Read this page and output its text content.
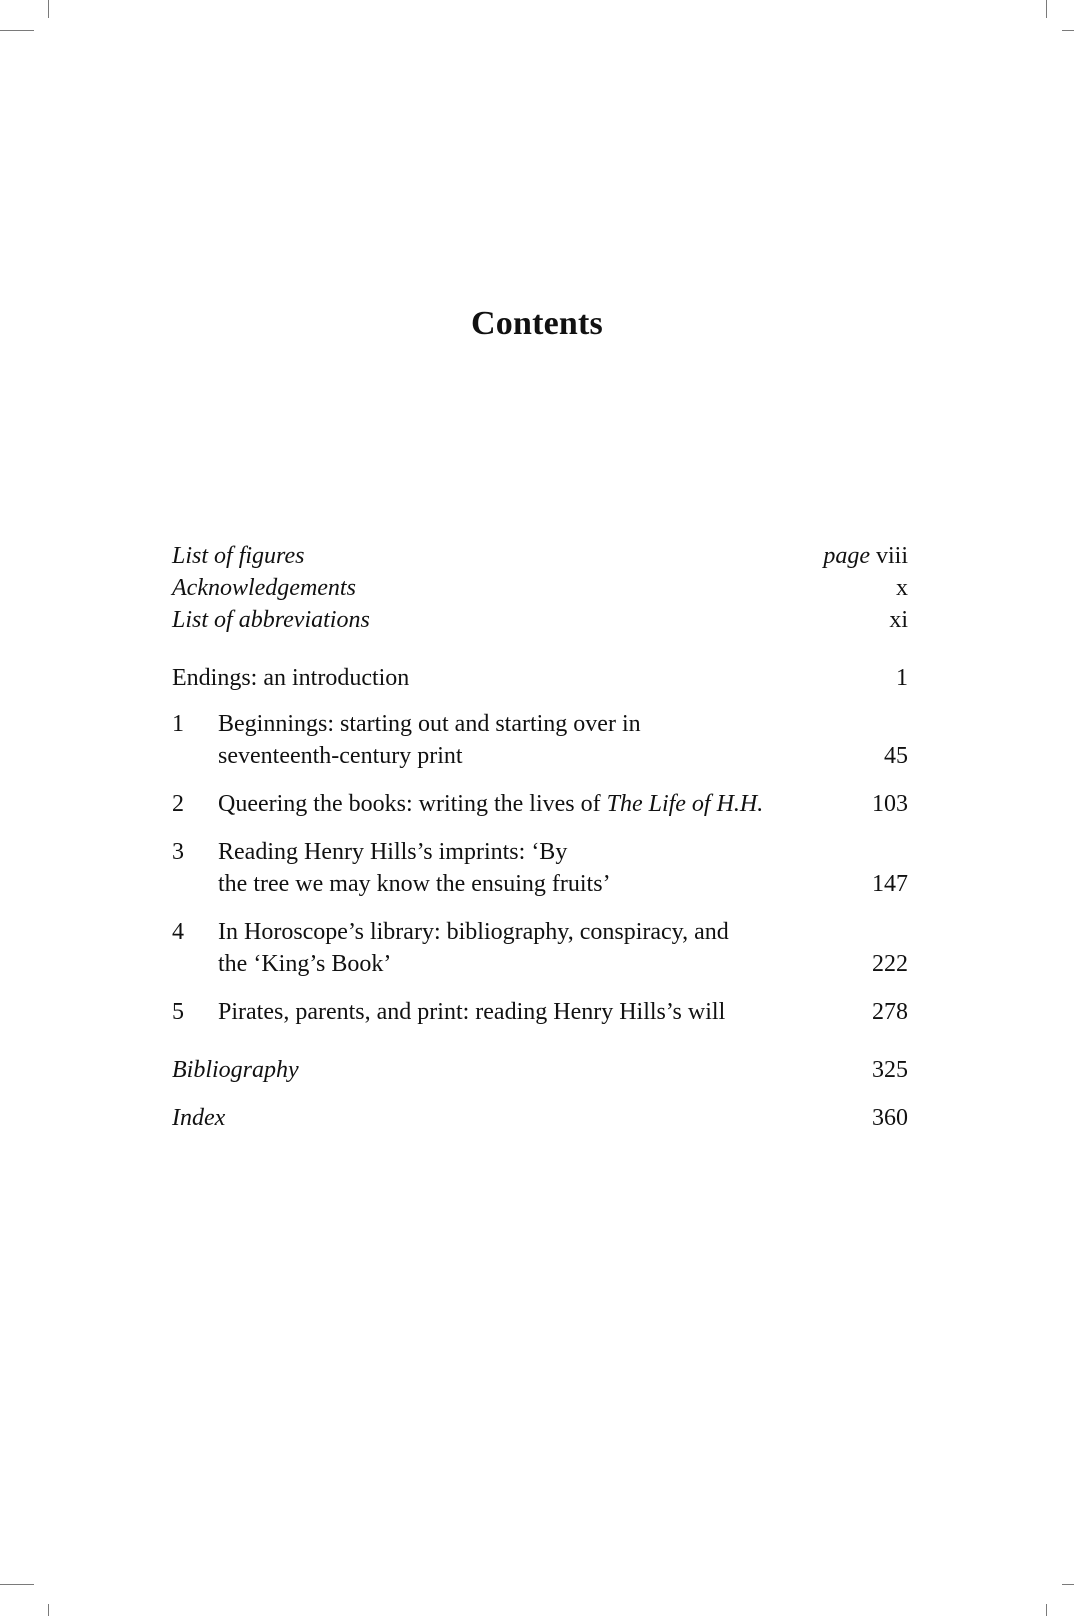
Contents
List of figures	page viii
Acknowledgements	x
List of abbreviations	xi
Endings: an introduction	1
1	Beginnings: starting out and starting over in
seventeenth-century print	45
2	Queering the books: writing the lives of The Life of H.H.	103
3	Reading Henry Hills’s imprints: ‘By
the tree we may know the ensuing fruits’	147
4	In Horoscope’s library: bibliography, conspiracy, and
the ‘King’s Book’	222
5	Pirates, parents, and print: reading Henry Hills’s will	278
Bibliography	325
Index	360
